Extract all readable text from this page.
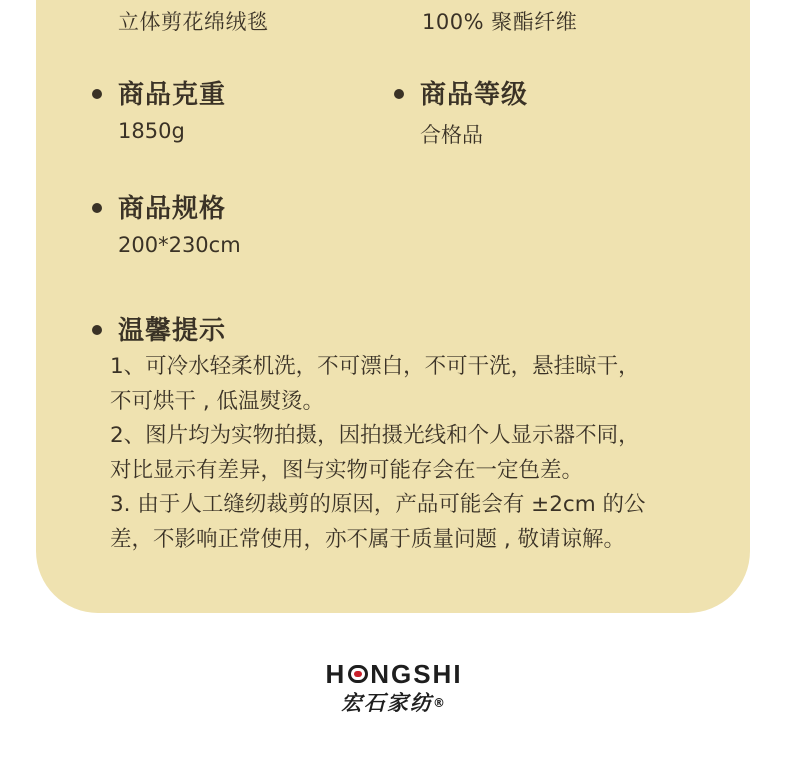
立体剪花绵绒毯	100% 聚酯纤维
商品克重
1850g
商品等级
合格品
商品规格
200*230cm
温馨提示
1、可冷水轻柔机洗，不可漂白，不可干洗，悬挂晾干，
不可烘干 , 低温熨烫。
2、图片均为实物拍摄，因拍摄光线和个人显示器不同，
对比显示有差异，图与实物可能存会在一定色差。
3. 由于人工缝纫裁剪的原因，产品可能会有 ±2cm 的公
差，不影响正常使用，亦不属于质量问题 , 敬请谅解。
H NGSHI
宏石家纺®
